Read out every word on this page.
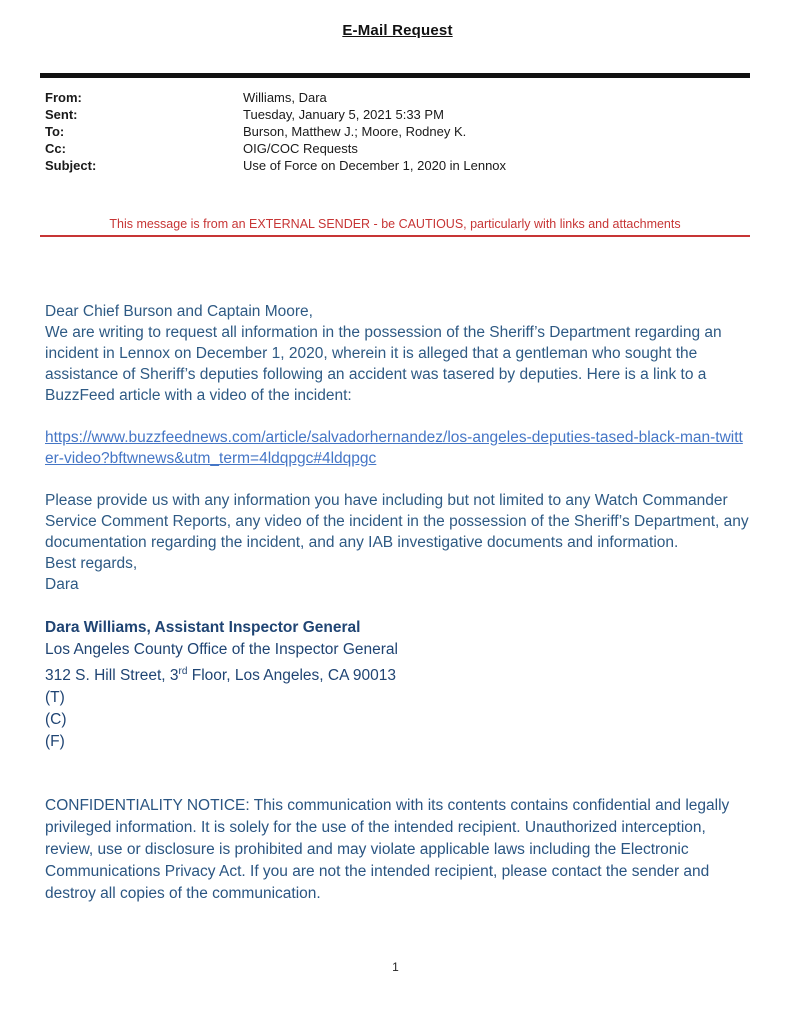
E-Mail Request
From:	Williams, Dara
Sent:	Tuesday, January 5, 2021 5:33 PM
To:	Burson, Matthew J.; Moore, Rodney K.
Cc:	OIG/COC Requests
Subject:	Use of Force on December 1, 2020 in Lennox
This message is from an EXTERNAL SENDER - be CAUTIOUS, particularly with links and attachments

Dear Chief Burson and Captain Moore,

We are writing to request all information in the possession of the Sheriff’s Department regarding an incident in Lennox on December 1, 2020, wherein it is alleged that a gentleman who sought the assistance of Sheriff’s deputies following an accident was tasered by deputies. Here is a link to a BuzzFeed article with a video of the incident:

https://www.buzzfeednews.com/article/salvadorhernandez/los-angeles-deputies-tased-black-man-twitter-video?bftwnews&utm_term=4ldqpgc#4ldqpgc

Please provide us with any information you have including but not limited to any Watch Commander Service Comment Reports, any video of the incident in the possession of the Sheriff’s Department, any documentation regarding the incident, and any IAB investigative documents and information.

Best regards,

Dara

Dara Williams, Assistant Inspector General
Los Angeles County Office of the Inspector General
312 S. Hill Street, 3rd Floor, Los Angeles, CA 90013
(T)
(C)
(F)
CONFIDENTIALITY NOTICE: This communication with its contents contains confidential and legally privileged information. It is solely for the use of the intended recipient. Unauthorized interception, review, use or disclosure is prohibited and may violate applicable laws including the Electronic Communications Privacy Act. If you are not the intended recipient, please contact the sender and destroy all copies of the communication.
1
